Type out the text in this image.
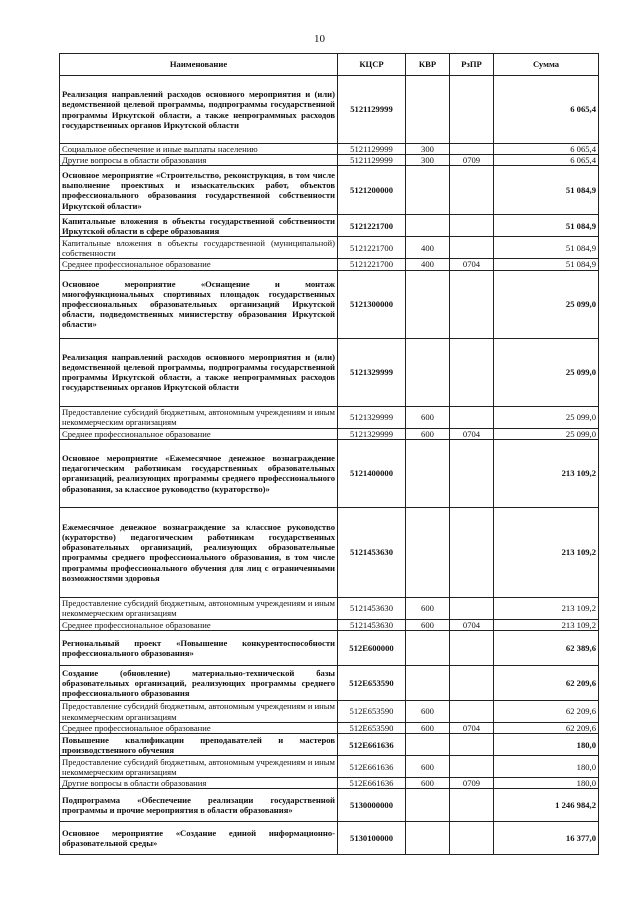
10
Наименование	КЦСР	КВР	РзПР	Сумма
Реализация направлений расходов основного мероприятия и (или) ведомственной целевой программы, подпрограммы государственной программы Иркутской области, а также непрограммных расходов государственных органов Иркутской области	5121129999			6 065,4
Социальное обеспечение и иные выплаты населению	5121129999	300		6 065,4
Другие вопросы в области образования	5121129999	300	0709	6 065,4
Основное мероприятие «Строительство, реконструкция, в том числе выполнение проектных и изыскательских работ, объектов профессионального образования государственной собственности Иркутской области»	5121200000			51 084,9
Капитальные вложения в объекты государственной собственности Иркутской области в сфере образования	5121221700			51 084,9
Капитальные вложения в объекты государственной (муниципальной) собственности	5121221700	400		51 084,9
Среднее профессиональное образование	5121221700	400	0704	51 084,9
Основное мероприятие «Оснащение и монтаж многофункциональных спортивных площадок государственных профессиональных образовательных организаций Иркутской области, подведомственных министерству образования Иркутской области»	5121300000			25 099,0
Реализация направлений расходов основного мероприятия и (или) ведомственной целевой программы, подпрограммы государственной программы Иркутской области, а также непрограммных расходов государственных органов Иркутской области	5121329999			25 099,0
Предоставление субсидий бюджетным, автономным учреждениям и иным некоммерческим организациям	5121329999	600		25 099,0
Среднее профессиональное образование	5121329999	600	0704	25 099,0
Основное мероприятие «Ежемесячное денежное вознаграждение педагогическим работникам государственных образовательных организаций, реализующих программы среднего профессионального образования, за классное руководство (кураторство)»	5121400000			213 109,2
Ежемесячное денежное вознаграждение за классное руководство (кураторство) педагогическим работникам государственных образовательных организаций, реализующих образовательные программы среднего профессионального образования, в том числе программы профессионального обучения для лиц с ограниченными возможностями здоровья	5121453630			213 109,2
Предоставление субсидий бюджетным, автономным учреждениям и иным некоммерческим организациям	5121453630	600		213 109,2
Среднее профессиональное образование	5121453630	600	0704	213 109,2
Региональный проект «Повышение конкурентоспособности профессионального образования»	512E600000			62 389,6
Создание (обновление) материально-технической базы образовательных организаций, реализующих программы среднего профессионального образования	512E653590			62 209,6
Предоставление субсидий бюджетным, автономным учреждениям и иным некоммерческим организациям	512E653590	600		62 209,6
Среднее профессиональное образование	512E653590	600	0704	62 209,6
Повышение квалификации преподавателей и мастеров производственного обучения	512E661636			180,0
Предоставление субсидий бюджетным, автономным учреждениям и иным некоммерческим организациям	512E661636	600		180,0
Другие вопросы в области образования	512E661636	600	0709	180,0
Подпрограмма «Обеспечение реализации государственной программы и прочие мероприятия в области образования»	5130000000			1 246 984,2
Основное мероприятие «Создание единой информационно-образовательной среды»	5130100000			16 377,0
